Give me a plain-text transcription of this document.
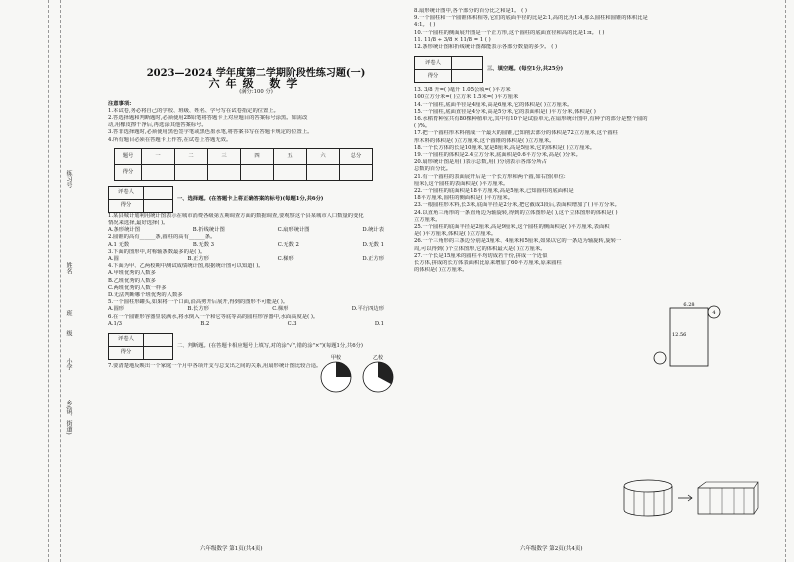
练习号
姓名
班
级
小学
乡(镇、街道)
2023—2024 学年度第二学期阶段性练习题(一)
六年级 数学
(满分:100 分)
注意事项:
1.本试卷,务必将自己的学校、班级、姓名、学号写在试卷指定的位置上。
2.答选择题和判断题时,必须使用2B铅笔将答题卡上对应题目的答案标号涂黑。如需改
动,用橡皮擦干净后,再选涂其他答案标号。
3.答非选择题时,必须使用黑色签字笔或黑色墨水笔,将答案书写在答题卡规定的位置上。
4.所有题目必须在答题卡上作答,在试卷上答题无效。
题号	一	二	三	四	五	六	总分
得分							
评卷人	
得分	
一、选择题。(在答题卡上将正确答案的标号)(每题1分,共6分)
1.某县城计划利用统计图表示在城市消费各级第五期调查方面的数据调查,要观察这个县某城市人口数量的变化
情况来选择,最好选择( )。
A.条形统计图	B.折线统计图	C.扇形统计图	D.统计表
2.圆锥的高有______条,圆柱的高有______条。
A.1 无数	B.无数 3	C.无数 2	D.无数 1
3.下面的图形中,对称轴条数最多的是( )。
A.圆	B.正方形	C.梯形	D.正方形
4.下面为甲、乙两校期中测试成绩统计图,根据统计图可以知道( )。
A.甲班优秀的人数多
B.乙班优秀的人数多
C.两班优秀的人数一样多
D.无法判断哪个班优秀的人数多
5.一个圆柱形罐头,如果将一个口面,沿高剪开后展开,得到的图形不可能是( )。
A.圆形	B.长方形	C.梯形	D.平行四边形
6.在一个圆锥形容器里装满水,将水倒入一个和它等底等高的圆柱形容器中,水面高度是( )。
A.1/3	B.2	C.3	D.1
评卷人	
得分	
二、判断题。(在答题卡相应题号上填写,对的涂"√",错的涂"×")(每题1分,共6分)
7.要清楚地反映出一个家庭一个月中各项开支与总支出之间的关系,用扇形统计图比较合适。
甲校	乙校
8.扇形统计图中,各个部分的百分比之和是1。 ( )
9.一个圆柱和一个圆锥体积相等,它们的底面半径的比是2:1,高的比为1:4,那么圆柱和圆锥的体积比是
4:1。 ( )
10.一个圆柱的侧面展开图是一个正方形,这个圆柱的底面直径和高的比是1:π。 ( )
11. 11/8 ÷ 3/8 × 11/8 = 1 ( )
12.条形统计图和折线统计图都能表示各部分数量的多少。 ( )
评卷人	
得分	
三、填空题。(每空1分,共25分)
13. 3/8 升=( )毫升 1.05公顷=( )平方米
100立方分米=( )立方米 1.5米=( )平方厘米
14.一个圆柱,底面半径是4厘米,高是6厘米,它的体积是( )立方厘米。
15.一个圆柱,底面直径是4分米,高是5分米,它的表面积是( )平方分米,体积是( )
16.水稻育种室共有80棵种植单元,其中有10个是试验单元,在扇形统计图中,有种子的部分是整个圆的
( )%。
17.把一个圆柱形木料削成一个最大的圆锥,已知削去部分的体积是72立方厘米,这个圆柱
形木料的体积是( )立方厘米,这个圆锥的体积是( )立方厘米。
18.一个长方体的长是10厘米,宽是8厘米,高是5厘米,它的体积是( )立方厘米。
19.一个圆柱的体积是2.4立方分米,底面积是0.6平方分米,高是( )分米。
20.扇形统计图是用( )表示总数,用( )分别表示各部分所占
总数的百分比。
21.有一个圆柱的表面展开后是一个长方形和两个圆,如右图(单位:
厘米),这个圆柱的表面积是( )平方厘米。
22.一个圆柱的底面积是18平方厘米,高是5厘米,已知圆柱的底面积是
18平方厘米,圆柱的侧面积是( )平方厘米。
23.一根圆柱形木料,长3米,底面半径是2分米,把它截成3段后,表面积增加了( )平方分米。
24.以直角三角形的一条直角边为轴旋转,得到的立体图形是( ),这个立体图形的体积是( )
立方厘米。
25.一个圆柱的底面半径是2厘米,高是9厘米,这个圆柱的侧面积是( )平方厘米,表面积
是( )平方厘米,体积是( )立方厘米。
26.一个三角形的三条边分别是3厘米、4厘米和5厘米,如果以它的一条边为轴旋转,旋转一
周,可以得到( )个立体图形,它的体积最大是( )立方厘米。
27.一个长是15厘米的圆柱平均切成若干份,拼成一个近似
长方体,拼成的长方体表面积比原来增加了60平方厘米,原来圆柱
的体积是( )立方厘米。
6.28
12.56
4
六年级数学 第1页(共4页)	六年级数学 第2页(共4页)
